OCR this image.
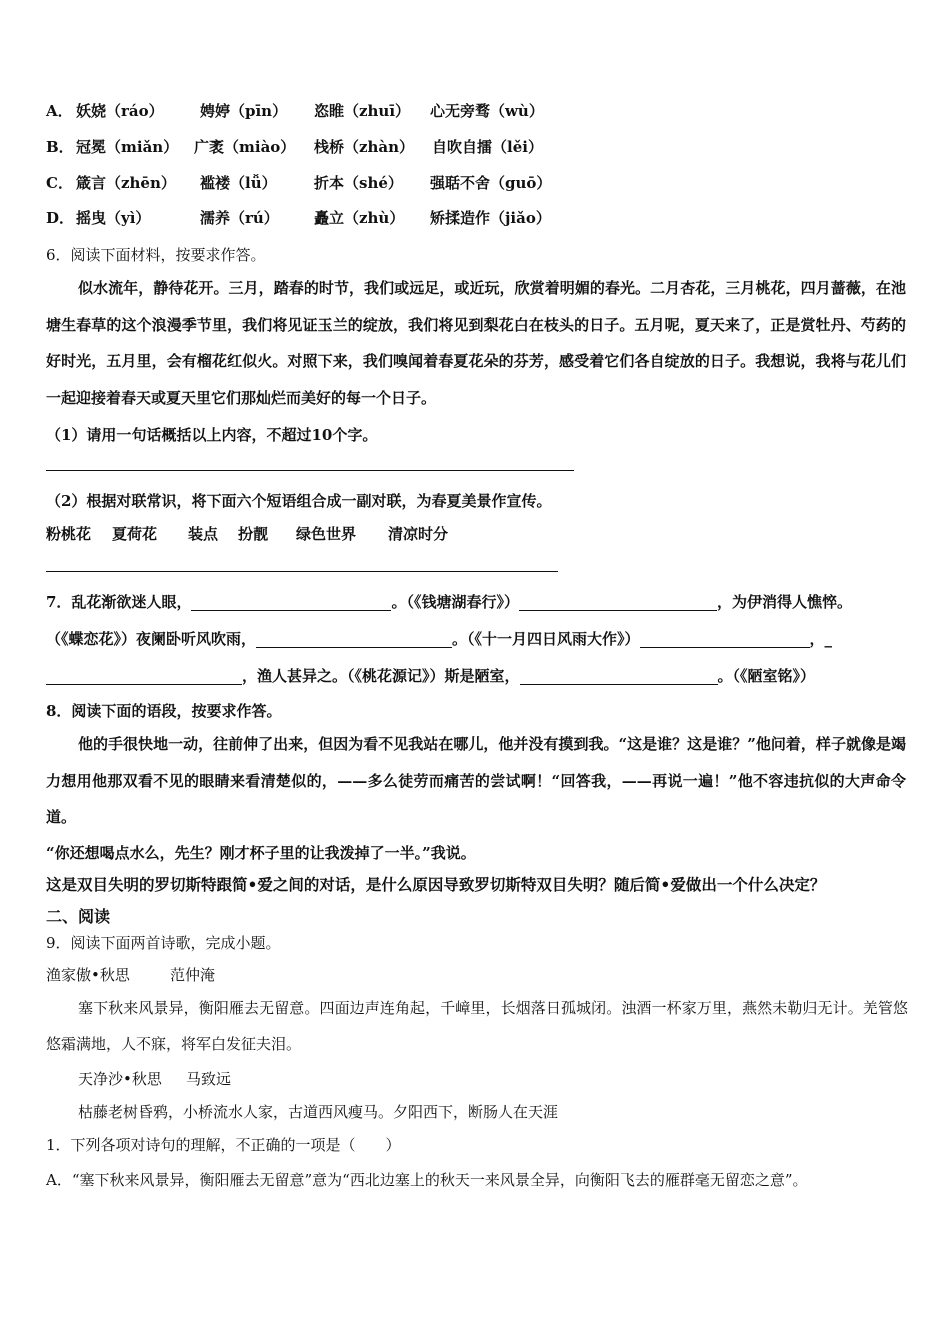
A． 妖娆（ráo） 娉婷（pīn） 恣睢（zhuī） 心无旁骛（wù）
B． 冠冕（miǎn） 广袤（miào） 栈桥（zhàn） 自吹自擂（lěi）
C． 箴言（zhēn） 褴褛（lǚ） 折本（shé） 强聒不舍（guō）
D． 摇曳（yì）	濡养（rú） 矗立（zhù） 矫揉造作（jiǎo）
6．阅读下面材料，按要求作答。
似水流年，静待花开。三月，踏春的时节，我们或远足，或近玩，欣赏着明媚的春光。二月杏花，三月桃花，四月蔷薇，在池塘生春草的这个浪漫季节里，我们将见证玉兰的绽放，我们将见到梨花白在枝头的日子。五月呢，夏天来了，正是赏牡丹、芍药的好时光，五月里，会有榴花红似火。对照下来，我们嗅闻着春夏花朵的芬芳，感受着它们各自绽放的日子。我想说，我将与花儿们一起迎接着春天或夏天里它们那灿烂而美好的每一个日子。
（1）请用一句话概括以上内容，不超过10个字。
（2）根据对联常识，将下面六个短语组合成一副对联，为春夏美景作宣传。
粉桃花 夏荷花 装点 扮靓 绿色世界 清凉时分
7．乱花渐欲迷人眼，	。（《钱塘湖春行》）	，为伊消得人憔悴。
（《蝶恋花》）夜阑卧听风吹雨，	。（《十一月四日风雨大作》）	，_
，渔人甚异之。（《桃花源记》）斯是陋室，	。（《陋室铭》）
8．阅读下面的语段，按要求作答。
他的手很快地一动，往前伸了出来，但因为看不见我站在哪儿，他并没有摸到我。“这是谁？这是谁？”他问着，样子就像是竭力想用他那双看不见的眼睛来看清楚似的，——多么徒劳而痛苦的尝试啊！“回答我，——再说一遍！”他不容违抗似的大声命令道。
“你还想喝点水么，先生？刚才杯子里的让我泼掉了一半。”我说。
这是双目失明的罗切斯特跟简•爱之间的对话，是什么原因导致罗切斯特双目失明？随后简•爱做出一个什么决定？
二、阅读
9．阅读下面两首诗歌，完成小题。
渔家傲•秋思	范仲淹
塞下秋来风景异，衡阳雁去无留意。四面边声连角起，千嶂里，长烟落日孤城闭。浊酒一杯家万里，燕然未勒归无计。羌管悠悠霜满地，人不寐，将军白发征夫泪。
天净沙•秋思 马致远
枯藤老树昏鸦，小桥流水人家，古道西风瘦马。夕阳西下，断肠人在天涯
1．下列各项对诗句的理解，不正确的一项是（　　）
A．“塞下秋来风景异，衡阳雁去无留意”意为“西北边塞上的秋天一来风景全异，向衡阳飞去的雁群毫无留恋之意”。
